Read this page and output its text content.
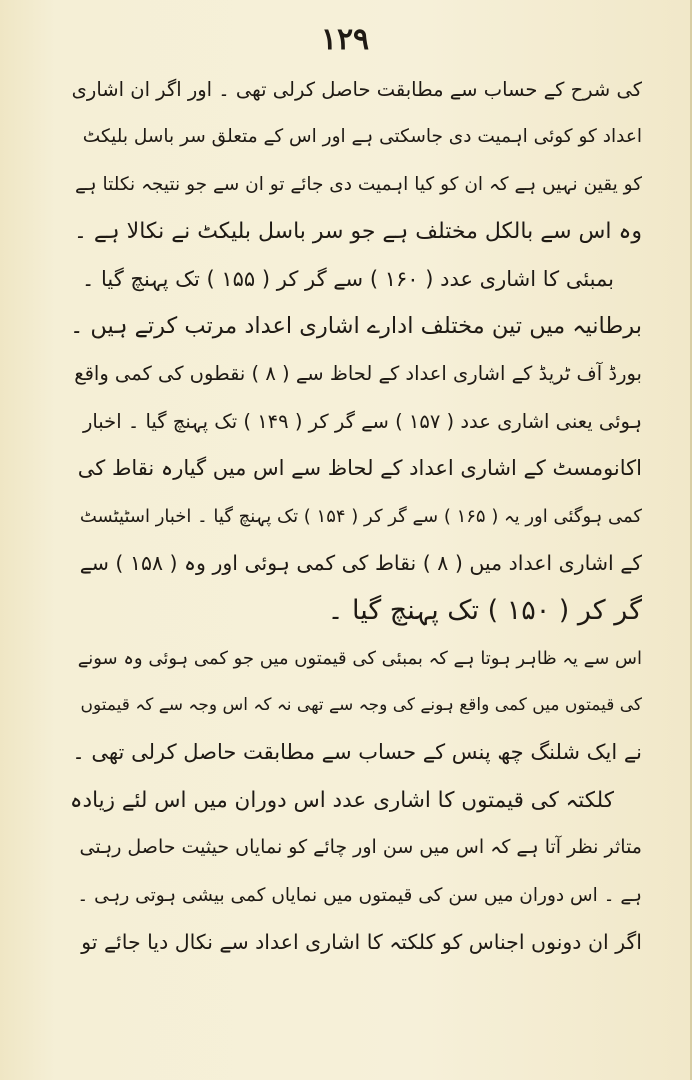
۱۲۹
کی شرح کے حساب سے مطابقت حاصل کرلی تھی ۔ اور اگر ان اشاری
اعداد کو کوئی اہمیت دی جاسکتی ہے اور اس کے متعلق سر باسل بلیکٹ
کو یقین نہیں ہے کہ ان کو کیا اہمیت دی جائے تو ان سے جو نتیجہ نکلتا ہے
وہ اس سے بالکل مختلف ہے جو سر باسل بلیکٹ نے نکالا ہے ۔
بمبئی کا اشاری عدد ( ۱۶۰ ) سے گر کر ( ۱۵۵ ) تک پہنچ گیا ۔
برطانیہ میں تین مختلف ادارے اشاری اعداد مرتب کرتے ہیں ۔
بورڈ آف ٹریڈ کے اشاری اعداد کے لحاظ سے ( ۸ ) نقطوں کی کمی واقع
ہوئی یعنی اشاری عدد ( ۱۵۷ ) سے گر کر ( ۱۴۹ ) تک پہنچ گیا ۔ اخبار
اکانومسٹ کے اشاری اعداد کے لحاظ سے اس میں گیارہ نقاط کی
کمی ہوگئی اور یہ ( ۱۶۵ ) سے گر کر ( ۱۵۴ ) تک پہنچ گیا ۔ اخبار اسٹیٹسٹ
کے اشاری اعداد میں ( ۸ ) نقاط کی کمی ہوئی اور وہ ( ۱۵۸ ) سے
گر کر ( ۱۵۰ ) تک پہنچ گیا ۔
اس سے یہ ظاہر ہوتا ہے کہ بمبئی کی قیمتوں میں جو کمی ہوئی وہ سونے
کی قیمتوں میں کمی واقع ہونے کی وجہ سے تھی نہ کہ اس وجہ سے کہ قیمتوں
نے ایک شلنگ چھ پنس کے حساب سے مطابقت حاصل کرلی تھی ۔
کلکتہ کی قیمتوں کا اشاری عدد اس دوران میں اس لئے زیادہ
متاثر نظر آتا ہے کہ اس میں سن اور چائے کو نمایاں حیثیت حاصل رہتی
ہے ۔ اس دوران میں سن کی قیمتوں میں نمایاں کمی بیشی ہوتی رہی ۔
اگر ان دونوں اجناس کو کلکتہ کا اشاری اعداد سے نکال دیا جائے تو
